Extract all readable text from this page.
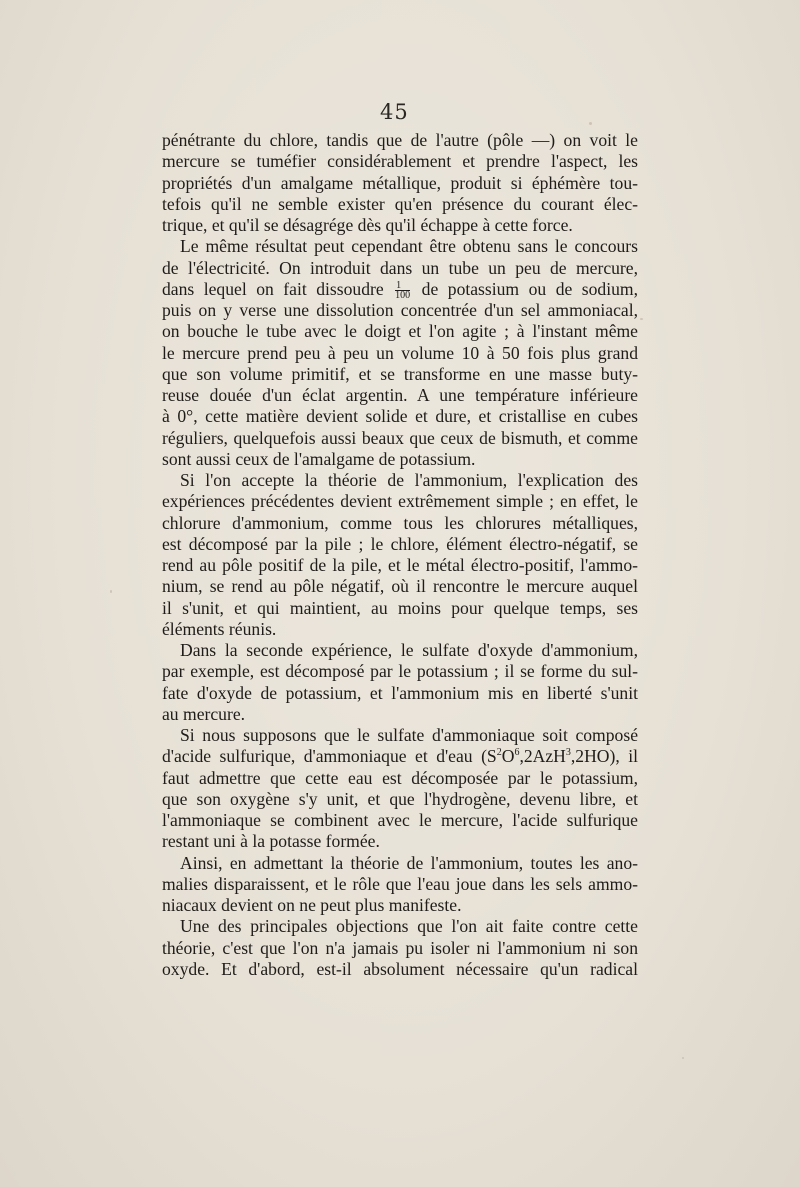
45
pénétrante du chlore, tandis que de l'autre (pôle —) on voit le
mercure se tuméfier considérablement et prendre l'aspect, les
propriétés d'un amalgame métallique, produit si éphémère tou-
tefois qu'il ne semble exister qu'en présence du courant élec-
trique, et qu'il se désagrége dès qu'il échappe à cette force.
Le même résultat peut cependant être obtenu sans le concours
de l'électricité. On introduit dans un tube un peu de mercure,
dans lequel on fait dissoudre $\frac{1}{100}$ de potassium ou de sodium,
puis on y verse une dissolution concentrée d'un sel ammoniacal,
on bouche le tube avec le doigt et l'on agite ; à l'instant même
le mercure prend peu à peu un volume 10 à 50 fois plus grand
que son volume primitif, et se transforme en une masse buty-
reuse douée d'un éclat argentin. A une température inférieure
à 0°, cette matière devient solide et dure, et cristallise en cubes
réguliers, quelquefois aussi beaux que ceux de bismuth, et comme
sont aussi ceux de l'amalgame de potassium.
Si l'on accepte la théorie de l'ammonium, l'explication des
expériences précédentes devient extrêmement simple ; en effet, le
chlorure d'ammonium, comme tous les chlorures métalliques,
est décomposé par la pile ; le chlore, élément électro-négatif, se
rend au pôle positif de la pile, et le métal électro-positif, l'ammo-
nium, se rend au pôle négatif, où il rencontre le mercure auquel
il s'unit, et qui maintient, au moins pour quelque temps, ses
éléments réunis.
Dans la seconde expérience, le sulfate d'oxyde d'ammonium,
par exemple, est décomposé par le potassium ; il se forme du sul-
fate d'oxyde de potassium, et l'ammonium mis en liberté s'unit
au mercure.
Si nous supposons que le sulfate d'ammoniaque soit composé
d'acide sulfurique, d'ammoniaque et d'eau $(S^2O^6,2AzH^3,2HO)$, il
faut admettre que cette eau est décomposée par le potassium,
que son oxygène s'y unit, et que l'hydrogène, devenu libre, et
l'ammoniaque se combinent avec le mercure, l'acide sulfurique
restant uni à la potasse formée.
Ainsi, en admettant la théorie de l'ammonium, toutes les ano-
malies disparaissent, et le rôle que l'eau joue dans les sels ammo-
niacaux devient on ne peut plus manifeste.
Une des principales objections que l'on ait faite contre cette
théorie, c'est que l'on n'a jamais pu isoler ni l'ammonium ni son
oxyde. Et d'abord, est-il absolument nécessaire qu'un radical
